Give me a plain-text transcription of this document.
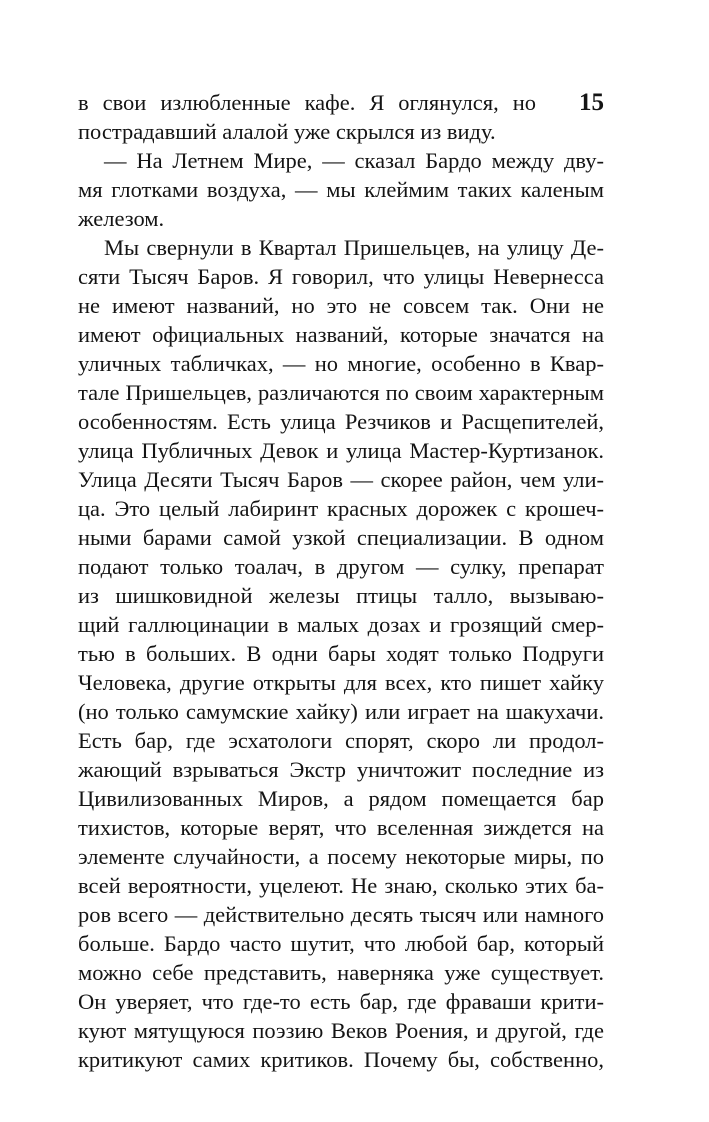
15
в свои излюбленные кафе. Я оглянулся, но
пострадавший алалой уже скрылся из виду.
— На Летнем Мире, — сказал Бардо между дву-
мя глотками воздуха, — мы клеймим таких каленым
железом.
Мы свернули в Квартал Пришельцев, на улицу Де-
сяти Тысяч Баров. Я говорил, что улицы Невернесса
не имеют названий, но это не совсем так. Они не
имеют официальных названий, которые значатся на
уличных табличках, — но многие, особенно в Квар-
тале Пришельцев, различаются по своим характерным
особенностям. Есть улица Резчиков и Расщепителей,
улица Публичных Девок и улица Мастер-Куртизанок.
Улица Десяти Тысяч Баров — скорее район, чем ули-
ца. Это целый лабиринт красных дорожек с крошеч-
ными барами самой узкой специализации. В одном
подают только тоалач, в другом — сулку, препарат
из шишковидной железы птицы талло, вызываю-
щий галлюцинации в малых дозах и грозящий смер-
тью в больших. В одни бары ходят только Подруги
Человека, другие открыты для всех, кто пишет хайку
(но только самумские хайку) или играет на шакухачи.
Есть бар, где эсхатологи спорят, скоро ли продол-
жающий взрываться Экстр уничтожит последние из
Цивилизованных Миров, а рядом помещается бар
тихистов, которые верят, что вселенная зиждется на
элементе случайности, а посему некоторые миры, по
всей вероятности, уцелеют. Не знаю, сколько этих ба-
ров всего — действительно десять тысяч или намного
больше. Бардо часто шутит, что любой бар, который
можно себе представить, наверняка уже существует.
Он уверяет, что где-то есть бар, где фраваши крити-
куют мятущуюся поэзию Веков Роения, и другой, где
критикуют самих критиков. Почему бы, собственно,
